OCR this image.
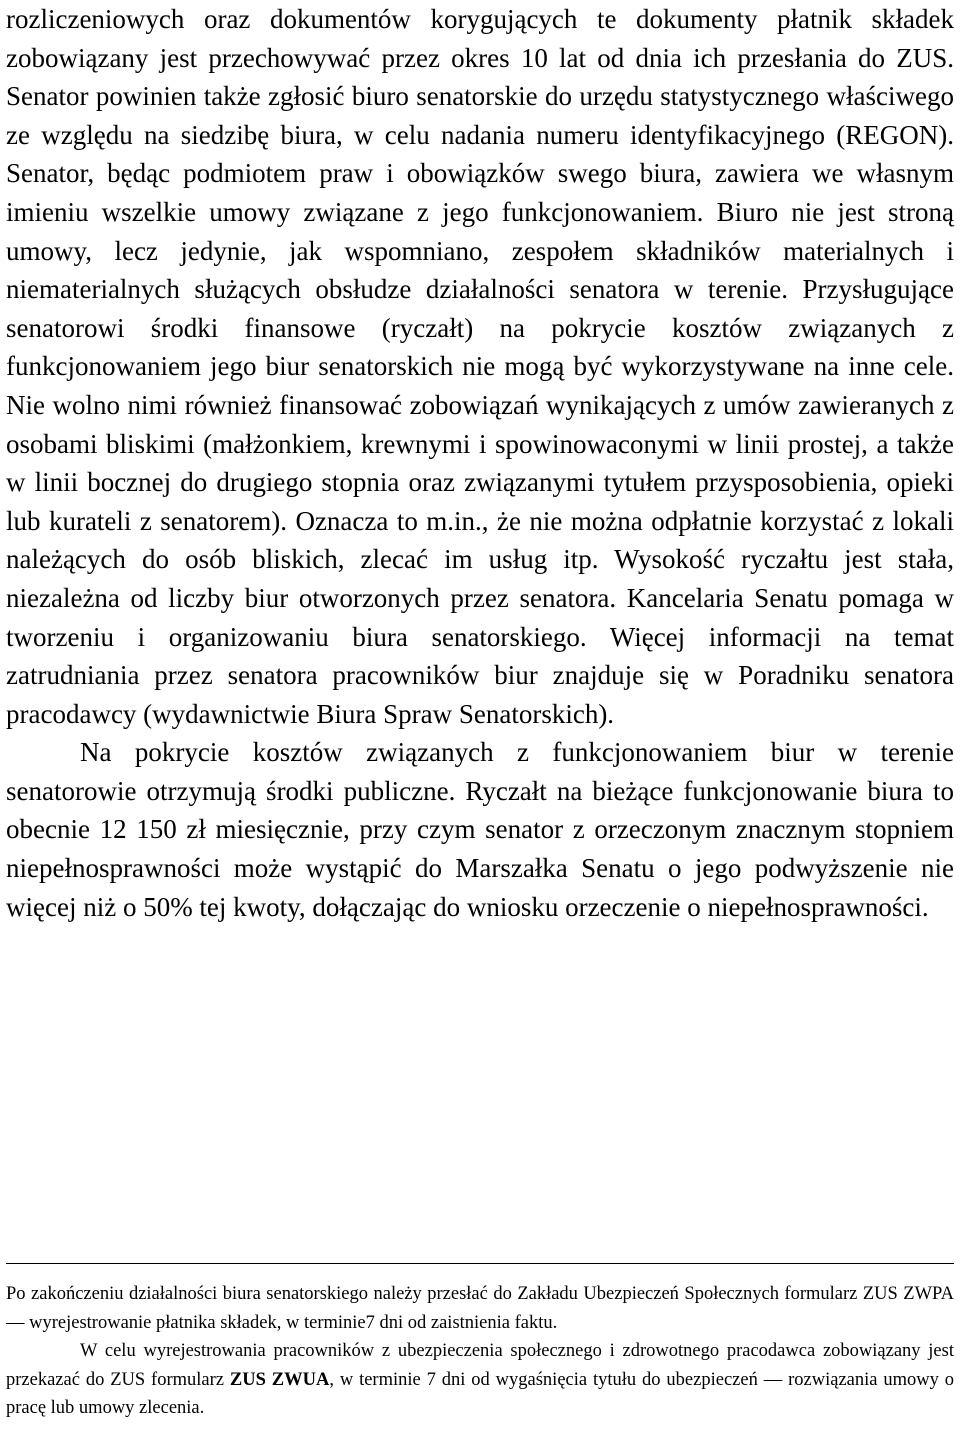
rozliczeniowych oraz dokumentów korygujących te dokumenty płatnik składek zobowiązany jest przechowywać przez okres 10 lat od dnia ich przesłania do ZUS. Senator powinien także zgłosić biuro senatorskie do urzędu statystycznego właściwego ze względu na siedzibę biura, w celu nadania numeru identyfikacyjnego (REGON). Senator, będąc podmiotem praw i obowiązków swego biura, zawiera we własnym imieniu wszelkie umowy związane z jego funkcjonowaniem. Biuro nie jest stroną umowy, lecz jedynie, jak wspomniano, zespołem składników materialnych i niematerialnych służących obsłudze działalności senatora w terenie. Przysługujące senatorowi środki finansowe (ryczałt) na pokrycie kosztów związanych z funkcjonowaniem jego biur senatorskich nie mogą być wykorzystywane na inne cele. Nie wolno nimi również finansować zobowiązań wynikających z umów zawieranych z osobami bliskimi (małżonkiem, krewnymi i spowinowaconymi w linii prostej, a także w linii bocznej do drugiego stopnia oraz związanymi tytułem przysposobienia, opieki lub kurateli z senatorem). Oznacza to m.in., że nie można odpłatnie korzystać z lokali należących do osób bliskich, zlecać im usług itp. Wysokość ryczałtu jest stała, niezależna od liczby biur otworzonych przez senatora. Kancelaria Senatu pomaga w tworzeniu i organizowaniu biura senatorskiego. Więcej informacji na temat zatrudniania przez senatora pracowników biur znajduje się w Poradniku senatora pracodawcy (wydawnictwie Biura Spraw Senatorskich).

Na pokrycie kosztów związanych z funkcjonowaniem biur w terenie senatorowie otrzymują środki publiczne. Ryczałt na bieżące funkcjonowanie biura to obecnie 12 150 zł miesięcznie, przy czym senator z orzeczonym znacznym stopniem niepełnosprawności może wystąpić do Marszałka Senatu o jego podwyższenie nie więcej niż o 50% tej kwoty, dołączając do wniosku orzeczenie o niepełnosprawności.

Po zakończeniu działalności biura senatorskiego należy przesłać do Zakładu Ubezpieczeń Społecznych formularz ZUS ZWPA — wyrejestrowanie płatnika składek, w terminie7 dni od zaistnienia faktu.

W celu wyrejestrowania pracowników z ubezpieczenia społecznego i zdrowotnego pracodawca zobowiązany jest przekazać do ZUS formularz ZUS ZWUA, w terminie 7 dni od wygaśnięcia tytułu do ubezpieczeń — rozwiązania umowy o pracę lub umowy zlecenia.
